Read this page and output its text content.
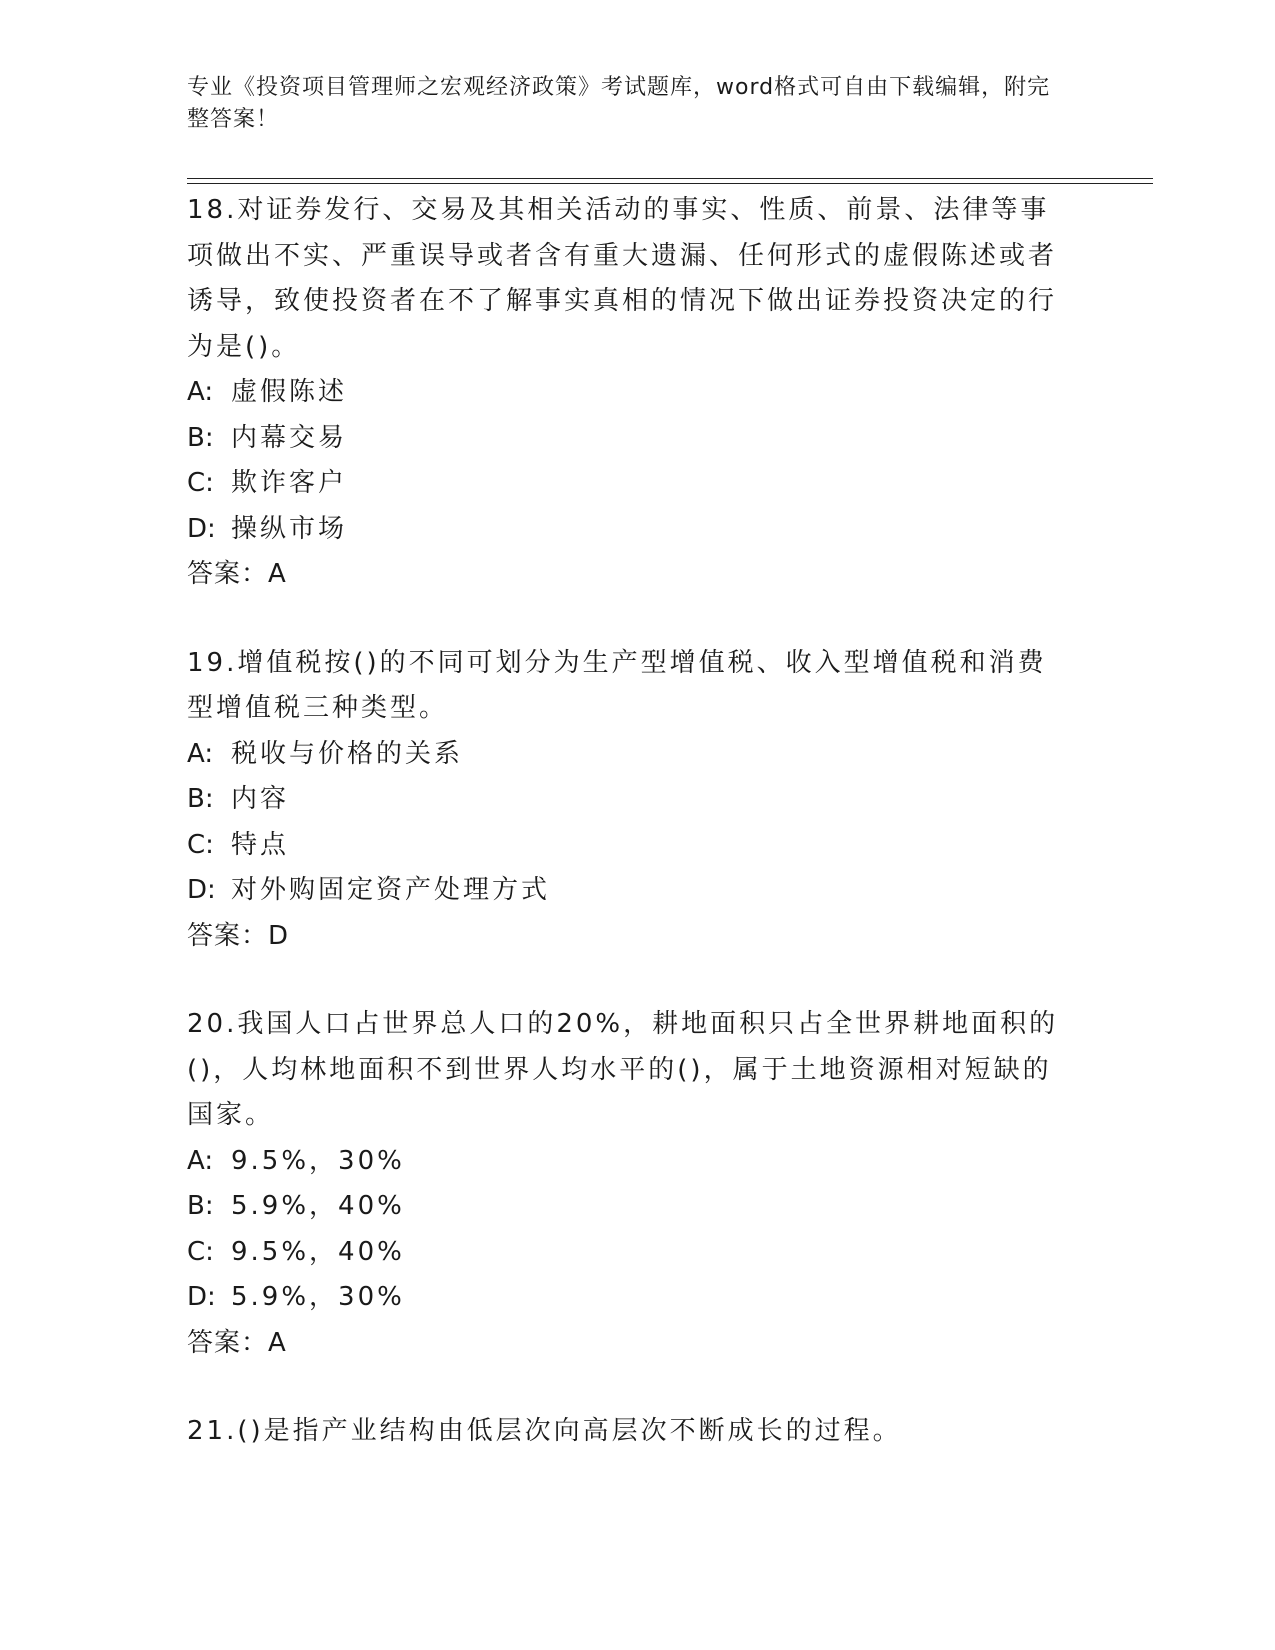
专业《投资项目管理师之宏观经济政策》考试题库，word格式可自由下载编辑，附完整答案！

18.对证券发行、交易及其相关活动的事实、性质、前景、法律等事项做出不实、严重误导或者含有重大遗漏、任何形式的虚假陈述或者诱导，致使投资者在不了解事实真相的情况下做出证券投资决定的行为是()。

A: 虚假陈述

B: 内幕交易

C: 欺诈客户

D: 操纵市场

答案：A

19.增值税按()的不同可划分为生产型增值税、收入型增值税和消费型增值税三种类型。

A: 税收与价格的关系

B: 内容

C: 特点

D: 对外购固定资产处理方式

答案：D

20.我国人口占世界总人口的20%，耕地面积只占全世界耕地面积的()，人均林地面积不到世界人均水平的()，属于土地资源相对短缺的国家。

A: 9.5%，30%

B: 5.9%，40%

C: 9.5%，40%

D: 5.9%，30%

答案：A

21.()是指产业结构由低层次向高层次不断成长的过程。
